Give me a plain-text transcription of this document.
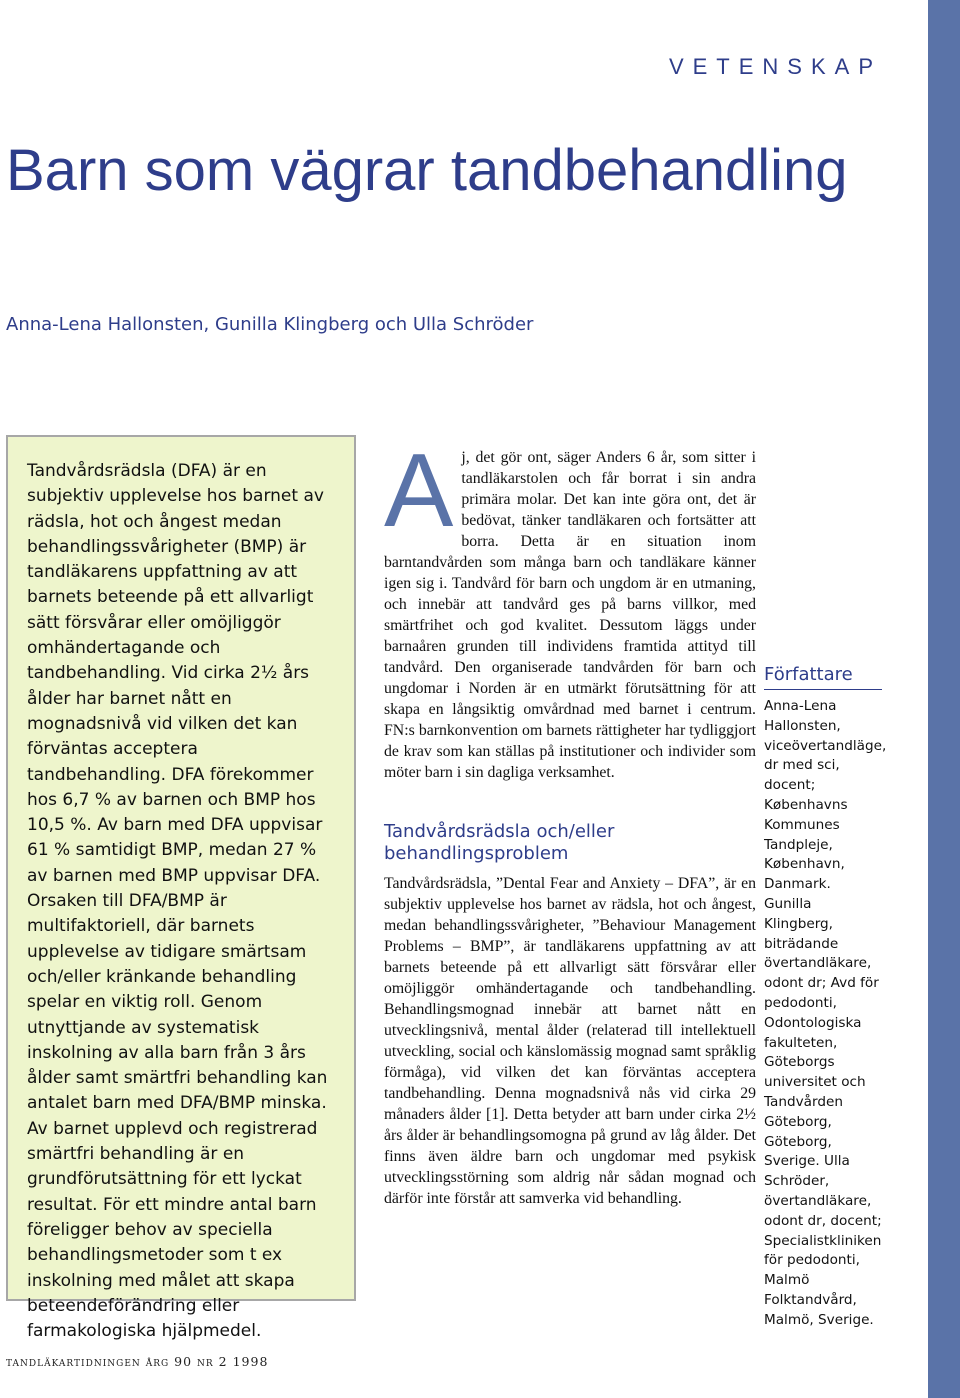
VETENSKAP
Barn som vägrar tandbehandling
Anna-Lena Hallonsten, Gunilla Klingberg och Ulla Schröder

Tandvårdsrädsla (DFA) är en subjektiv upplevelse hos barnet av rädsla, hot och ångest medan behandlingssvårigheter (BMP) är tandläkarens uppfattning av att barnets beteende på ett allvarligt sätt försvårar eller omöjliggör omhändertagande och tandbehandling. Vid cirka 2½ års ålder har barnet nått en mognadsnivå vid vilken det kan förväntas acceptera tandbehandling. DFA förekommer hos 6,7 % av barnen och BMP hos 10,5 %. Av barn med DFA uppvisar 61 % samtidigt BMP, medan 27 % av barnen med BMP uppvisar DFA. Orsaken till DFA/BMP är multifaktoriell, där barnets upplevelse av tidigare smärtsam och/eller kränkande behandling spelar en viktig roll. Genom utnyttjande av systematisk inskolning av alla barn från 3 års ålder samt smärtfri behandling kan antalet barn med DFA/BMP minska. Av barnet upplevd och registrerad smärtfri behandling är en grundförutsättning för ett lyckat resultat. För ett mindre antal barn föreligger behov av speciella behandlingsmetoder som t ex inskolning med målet att skapa beteendeförändring eller farmakologiska hjälpmedel.

A j, det gör ont, säger Anders 6 år, som sitter i tandläkarstolen och får borrat i sin andra primära molar. Det kan inte göra ont, det är bedövat, tänker tandläkaren och fortsätter att borra. Detta är en situation inom barntandvården som många barn och tandläkare känner igen sig i. Tandvård för barn och ungdom är en utmaning, och innebär att tandvård ges på barns villkor, med smärtfrihet och god kvalitet. Dessutom läggs under barnaåren grunden till individens framtida attityd till tandvård. Den organiserade tandvården för barn och ungdomar i Norden är en utmärkt förutsättning för att skapa en långsiktig omvårdnad med barnet i centrum. FN:s barnkonvention om barnets rättigheter har tydliggjort de krav som kan ställas på institutioner och individer som möter barn i sin dagliga verksamhet.

Tandvårdsrädsla och/eller behandlingsproblem

Tandvårdsrädsla, ”Dental Fear and Anxiety – DFA”, är en subjektiv upplevelse hos barnet av rädsla, hot och ångest, medan behandlingssvårigheter, ”Behaviour Management Problems – BMP”, är tandläkarens uppfattning av att barnets beteende på ett allvarligt sätt försvårar eller omöjliggör omhändertagande och tandbehandling. Behandlingsmognad innebär att barnet nått en utvecklingsnivå, mental ålder (relaterad till intellektuell utveckling, social och känslomässig mognad samt språklig förmåga), vid vilken det kan förväntas acceptera tandbehandling. Denna mognadsnivå nås vid cirka 29 månaders ålder [1]. Detta betyder att barn under cirka 2½ års ålder är behandlingsomogna på grund av låg ålder. Det finns även äldre barn och ungdomar med psykisk utvecklingsstörning som aldrig når sådan mognad och därför inte förstår att samverka vid behandling.

Författare

Anna-Lena Hallonsten, viceövertandläge, dr med sci, docent; Københavns Kommunes Tandpleje, København, Danmark. Gunilla Klingberg, biträdande övertandläkare, odont dr; Avd för pedodonti, Odontologiska fakulteten, Göteborgs universitet och Tandvården Göteborg, Göteborg, Sverige. Ulla Schröder, övertandläkare, odont dr, docent; Specialistkliniken för pedodonti, Malmö Folktandvård, Malmö, Sverige.

tandläkartidningen årg 90 nr 2 1998
